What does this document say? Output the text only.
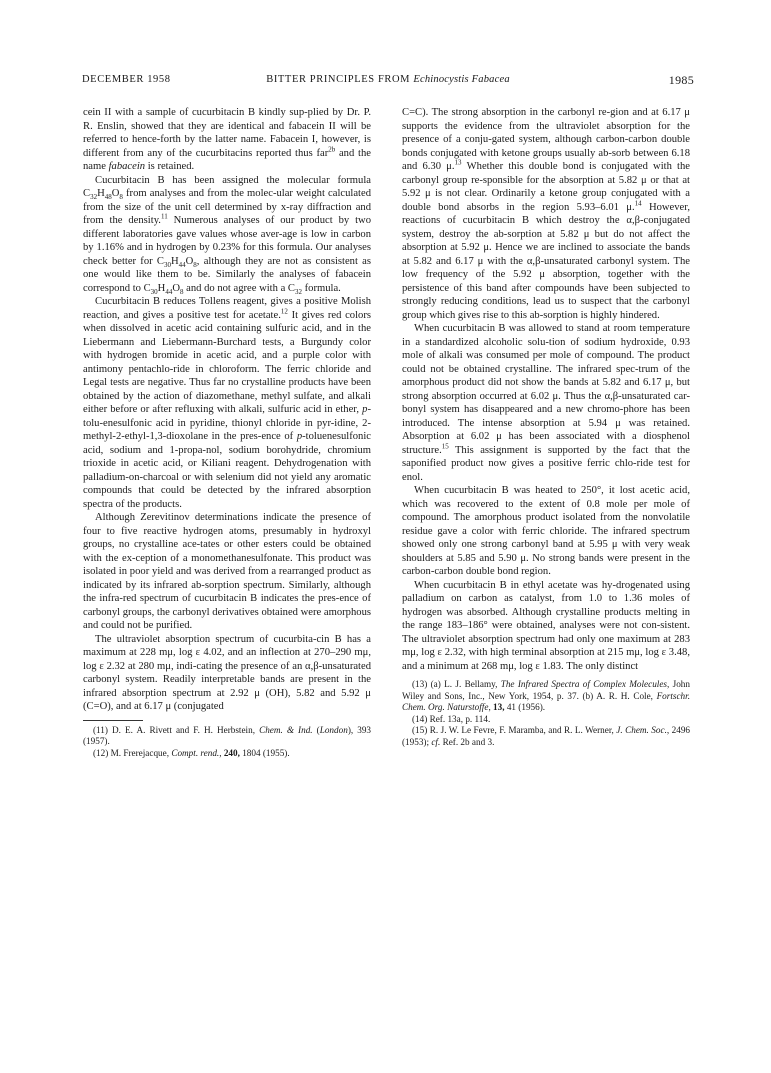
DECEMBER 1958	BITTER PRINCIPLES FROM Echinocystis Fabacea	1985

cein II with a sample of cucurbitacin B kindly sup-plied by Dr. P. R. Enslin, showed that they are identical and fabacein II will be referred to hence-forth by the latter name. Fabacein I, however, is different from any of the cucurbitacins reported thus far$^{2b}$ and the name fabacein is retained.

Cucurbitacin B has been assigned the molecular formula $C_{32}H_{48}O_8$ from analyses and from the molec-ular weight calculated from the size of the unit cell determined by x-ray diffraction and from the density.$^{11}$ Numerous analyses of our product by two different laboratories gave values whose aver-age is low in carbon by 1.16% and in hydrogen by 0.23% for this formula. Our analyses check better for $C_{30}H_{44}O_8$, although they are not as consistent as one would like them to be. Similarly the analyses of fabacein correspond to $C_{30}H_{44}O_8$ and do not agree with a $C_{32}$ formula.

Cucurbitacin B reduces Tollens reagent, gives a positive Molish reaction, and gives a positive test for acetate.$^{12}$ It gives red colors when dissolved in acetic acid containing sulfuric acid, and in the Liebermann and Liebermann-Burchard tests, a Burgundy color with hydrogen bromide in acetic acid, and a purple color with antimony pentachlo-ride in chloroform. The ferric chloride and Legal tests are negative. Thus far no crystalline products have been obtained by the action of diazomethane, methyl sulfate, and alkali either before or after refluxing with alkali, sulfuric acid in ether, p-tolu-enesulfonic acid in pyridine, thionyl chloride in pyr-idine, 2-methyl-2-ethyl-1,3-dioxolane in the pres-ence of p-toluenesulfonic acid, sodium and 1-propa-nol, sodium borohydride, chromium trioxide in acetic acid, or Kiliani reagent. Dehydrogenation with palladium-on-charcoal or with selenium did not yield any aromatic compounds that could be detected by the infrared absorption spectra of the products.

Although Zerevitinov determinations indicate the presence of four to five reactive hydrogen atoms, presumably in hydroxyl groups, no crystalline ace-tates or other esters could be obtained with the ex-ception of a monomethanesulfonate. This product was isolated in poor yield and was derived from a rearranged product as indicated by its infrared ab-sorption spectrum. Similarly, although the infra-red spectrum of cucurbitacin B indicates the pres-ence of carbonyl groups, the carbonyl derivatives obtained were amorphous and could not be purified.

The ultraviolet absorption spectrum of cucurbita-cin B has a maximum at 228 mμ, log ε 4.02, and an inflection at 270–290 mμ, log ε 2.32 at 280 mμ, indi-cating the presence of an α,β-unsaturated carbonyl system. Readily interpretable bands are present in the infrared absorption spectrum at 2.92 μ (OH), 5.82 and 5.92 μ (C=O), and at 6.17 μ (conjugated

(11) D. E. A. Rivett and F. H. Herbstein, Chem. & Ind. (London), 393 (1957).

(12) M. Frerejacque, Compt. rend., 240, 1804 (1955).

C=C). The strong absorption in the carbonyl re-gion and at 6.17 μ supports the evidence from the ultraviolet absorption for the presence of a conju-gated system, although carbon-carbon double bonds conjugated with ketone groups usually ab-sorb between 6.18 and 6.30 μ.$^{13}$ Whether this double bond is conjugated with the carbonyl group re-sponsible for the absorption at 5.82 μ or that at 5.92 μ is not clear. Ordinarily a ketone group conjugated with a double bond absorbs in the region 5.93–6.01 μ.$^{14}$ However, reactions of cucurbitacin B which destroy the α,β-conjugated system, destroy the ab-sorption at 5.82 μ but do not affect the absorption at 5.92 μ. Hence we are inclined to associate the bands at 5.82 and 6.17 μ with the α,β-unsaturated carbonyl system. The low frequency of the 5.92 μ absorption, together with the persistence of this band after compounds have been subjected to strongly reducing conditions, lead us to suspect that the carbonyl group which gives rise to this ab-sorption is highly hindered.

When cucurbitacin B was allowed to stand at room temperature in a standardized alcoholic solu-tion of sodium hydroxide, 0.93 mole of alkali was consumed per mole of compound. The product could not be obtained crystalline. The infrared spec-trum of the amorphous product did not show the bands at 5.82 and 6.17 μ, but strong absorption occurred at 6.02 μ. Thus the α,β-unsaturated car-bonyl system has disappeared and a new chromo-phore has been introduced. The intense absorption at 5.94 μ was retained. Absorption at 6.02 μ has been associated with a diosphenol structure.$^{15}$ This assignment is supported by the fact that the saponified product now gives a positive ferric chlo-ride test for enol.

When cucurbitacin B was heated to 250°, it lost acetic acid, which was recovered to the extent of 0.8 mole per mole of compound. The amorphous product isolated from the nonvolatile residue gave a color with ferric chloride. The infrared spectrum showed only one strong carbonyl band at 5.95 μ with very weak shoulders at 5.85 and 5.90 μ. No strong bands were present in the carbon-carbon double bond region.

When cucurbitacin B in ethyl acetate was hy-drogenated using palladium on carbon as catalyst, from 1.0 to 1.36 moles of hydrogen was absorbed. Although crystalline products melting in the range 183–186° were obtained, analyses were not con-sistent. The ultraviolet absorption spectrum had only one maximum at 283 mμ, log ε 2.32, with high terminal absorption at 215 mμ, log ε 3.48, and a minimum at 268 mμ, log ε 1.83. The only distinct

(13) (a) L. J. Bellamy, The Infrared Spectra of Complex Molecules, John Wiley and Sons, Inc., New York, 1954, p. 37. (b) A. R. H. Cole, Fortschr. Chem. Org. Naturstoffe, 13, 41 (1956).

(14) Ref. 13a, p. 114.

(15) R. J. W. Le Fevre, F. Maramba, and R. L. Werner, J. Chem. Soc., 2496 (1953); cf. Ref. 2b and 3.
